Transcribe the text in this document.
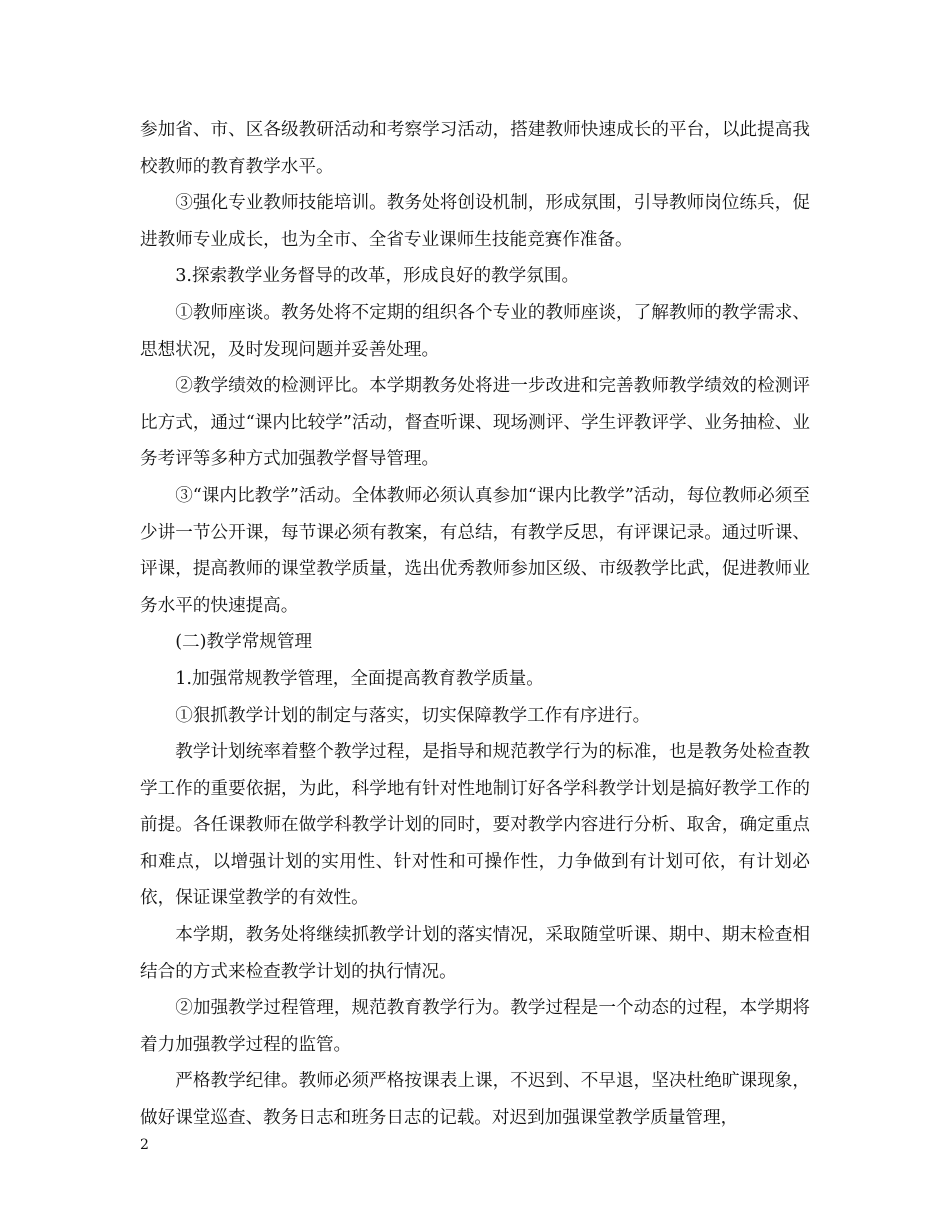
参加省、市、区各级教研活动和考察学习活动，搭建教师快速成长的平台，以此提高我校教师的教育教学水平。

③强化专业教师技能培训。教务处将创设机制，形成氛围，引导教师岗位练兵，促进教师专业成长，也为全市、全省专业课师生技能竞赛作准备。

3.探索教学业务督导的改革，形成良好的教学氛围。

①教师座谈。教务处将不定期的组织各个专业的教师座谈，了解教师的教学需求、思想状况，及时发现问题并妥善处理。

②教学绩效的检测评比。本学期教务处将进一步改进和完善教师教学绩效的检测评比方式，通过“课内比较学”活动，督查听课、现场测评、学生评教评学、业务抽检、业务考评等多种方式加强教学督导管理。

③“课内比教学”活动。全体教师必须认真参加“课内比教学”活动，每位教师必须至少讲一节公开课，每节课必须有教案，有总结，有教学反思，有评课记录。通过听课、评课，提高教师的课堂教学质量，选出优秀教师参加区级、市级教学比武，促进教师业务水平的快速提高。

(二)教学常规管理

1.加强常规教学管理，全面提高教育教学质量。

①狠抓教学计划的制定与落实，切实保障教学工作有序进行。

教学计划统率着整个教学过程，是指导和规范教学行为的标准，也是教务处检查教学工作的重要依据，为此，科学地有针对性地制订好各学科教学计划是搞好教学工作的前提。各任课教师在做学科教学计划的同时，要对教学内容进行分析、取舍，确定重点和难点，以增强计划的实用性、针对性和可操作性，力争做到有计划可依，有计划必依，保证课堂教学的有效性。

本学期，教务处将继续抓教学计划的落实情况，采取随堂听课、期中、期末检查相结合的方式来检查教学计划的执行情况。

②加强教学过程管理，规范教育教学行为。教学过程是一个动态的过程，本学期将着力加强教学过程的监管。

严格教学纪律。教师必须严格按课表上课，不迟到、不早退，坚决杜绝旷课现象，做好课堂巡查、教务日志和班务日志的记载。对迟到加强课堂教学质量管理，

2
